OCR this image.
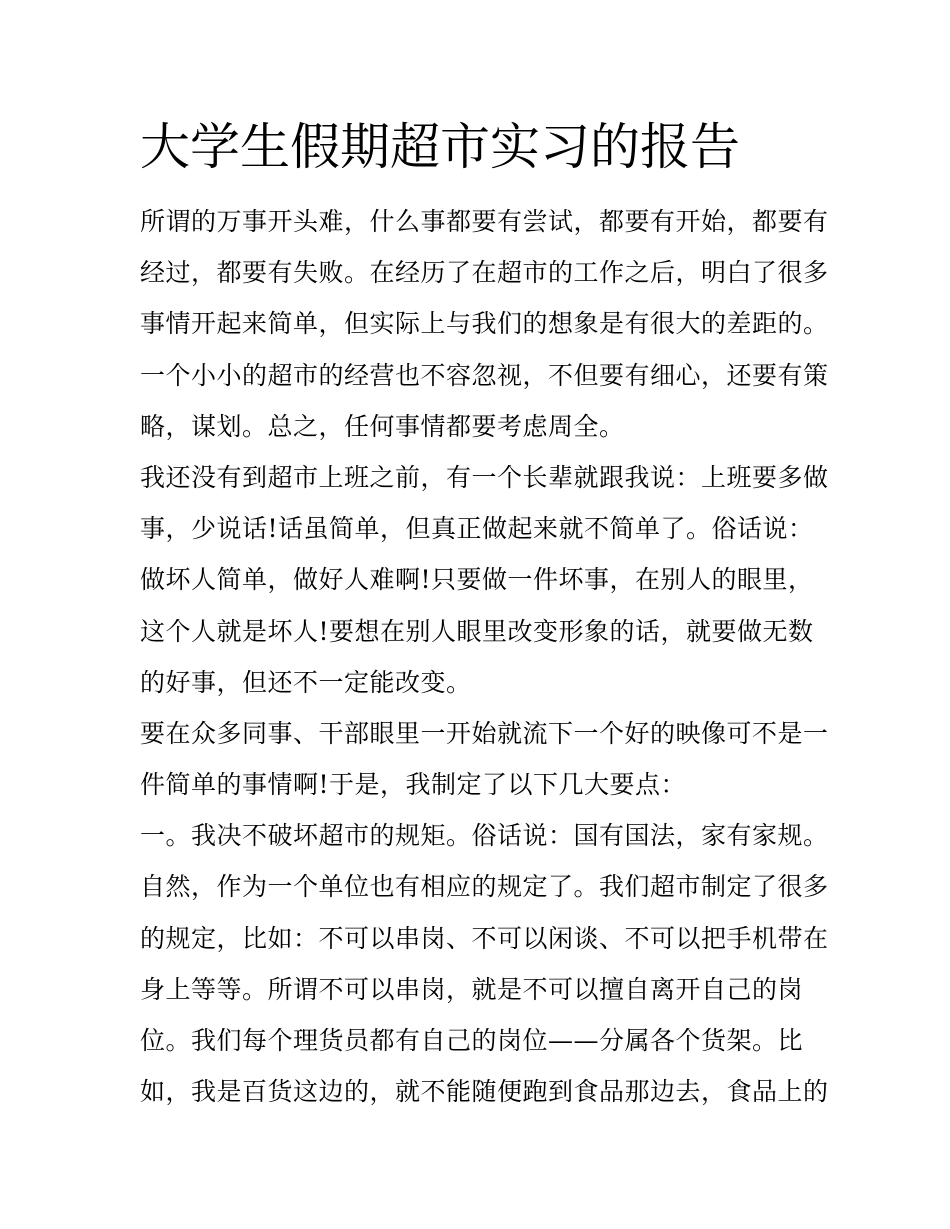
大学生假期超市实习的报告
所谓的万事开头难，什么事都要有尝试，都要有开始，都要有
经过，都要有失败。在经历了在超市的工作之后，明白了很多
事情开起来简单，但实际上与我们的想象是有很大的差距的。
一个小小的超市的经营也不容忽视，不但要有细心，还要有策
略，谋划。总之，任何事情都要考虑周全。
我还没有到超市上班之前，有一个长辈就跟我说：上班要多做
事，少说话!话虽简单，但真正做起来就不简单了。俗话说：
做坏人简单，做好人难啊!只要做一件坏事，在别人的眼里，
这个人就是坏人!要想在别人眼里改变形象的话，就要做无数
的好事，但还不一定能改变。
要在众多同事、干部眼里一开始就流下一个好的映像可不是一
件简单的事情啊!于是，我制定了以下几大要点：
一。我决不破坏超市的规矩。俗话说：国有国法，家有家规。
自然，作为一个单位也有相应的规定了。我们超市制定了很多
的规定，比如：不可以串岗、不可以闲谈、不可以把手机带在
身上等等。所谓不可以串岗，就是不可以擅自离开自己的岗
位。我们每个理货员都有自己的岗位——分属各个货架。比
如，我是百货这边的，就不能随便跑到食品那边去，食品上的
